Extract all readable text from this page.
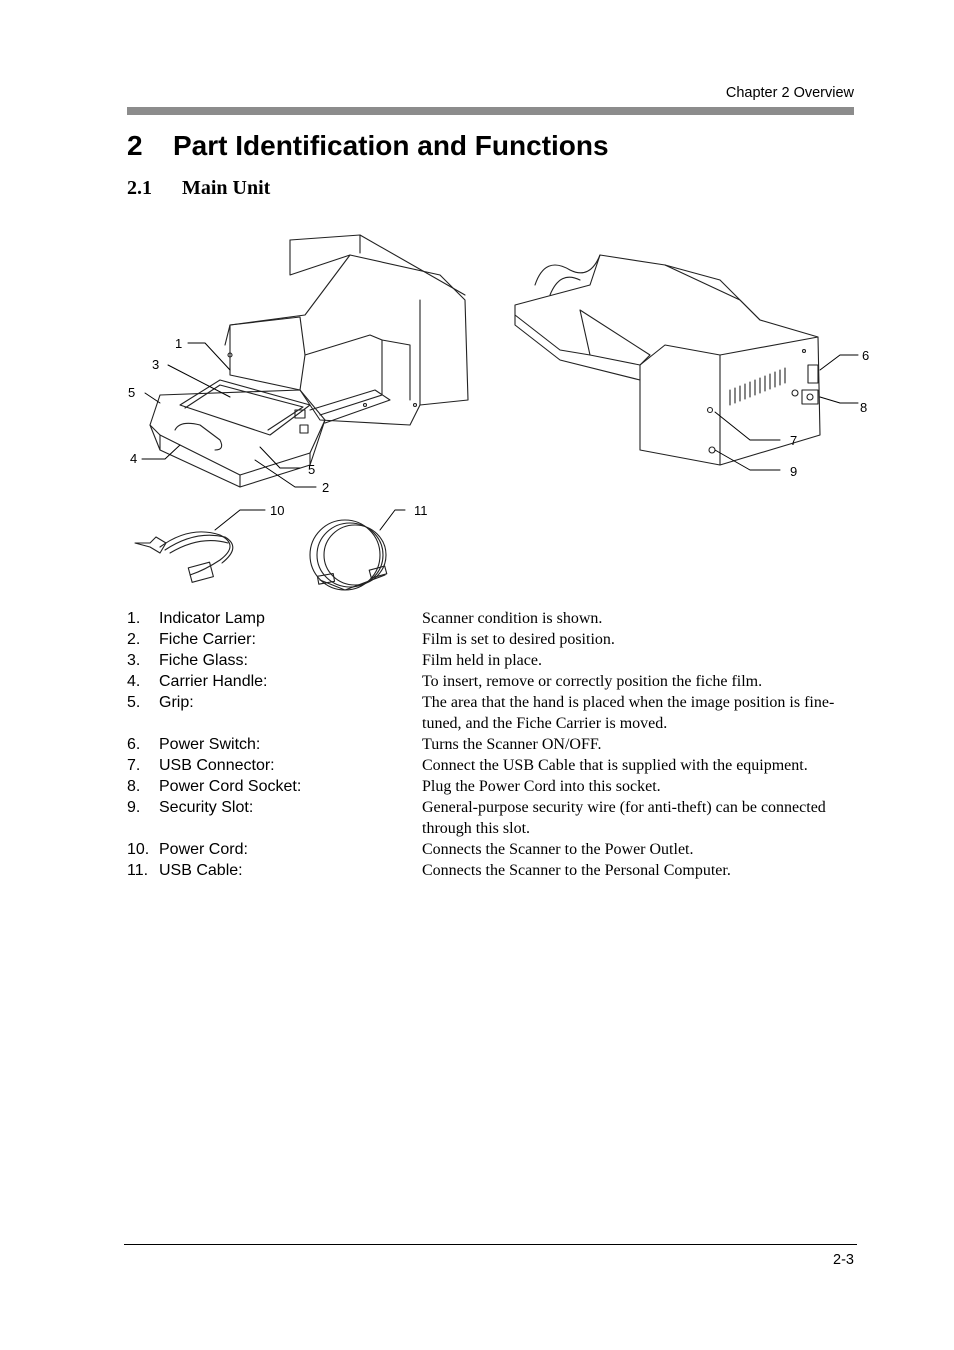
Chapter 2 Overview
2 Part Identification and Functions
2.1 Main Unit
1
3
5
4
5
2
6
8
7
9
10	11
1. Indicator Lamp	Scanner condition is shown.
2. Fiche Carrier:	Film is set to desired position.
3. Fiche Glass:	Film held in place.
4. Carrier Handle:	To insert, remove or correctly position the fiche film.
5. Grip:	The area that the hand is placed when the image position is fine-tuned, and the Fiche Carrier is moved.
6. Power Switch:	Turns the Scanner ON/OFF.
7. USB Connector:	Connect the USB Cable that is supplied with the equipment.
8. Power Cord Socket:	Plug the Power Cord into this socket.
9. Security Slot:	General-purpose security wire (for anti-theft) can be connected through this slot.
10. Power Cord:	Connects the Scanner to the Power Outlet.
11. USB Cable:	Connects the Scanner to the Personal Computer.
2-3
